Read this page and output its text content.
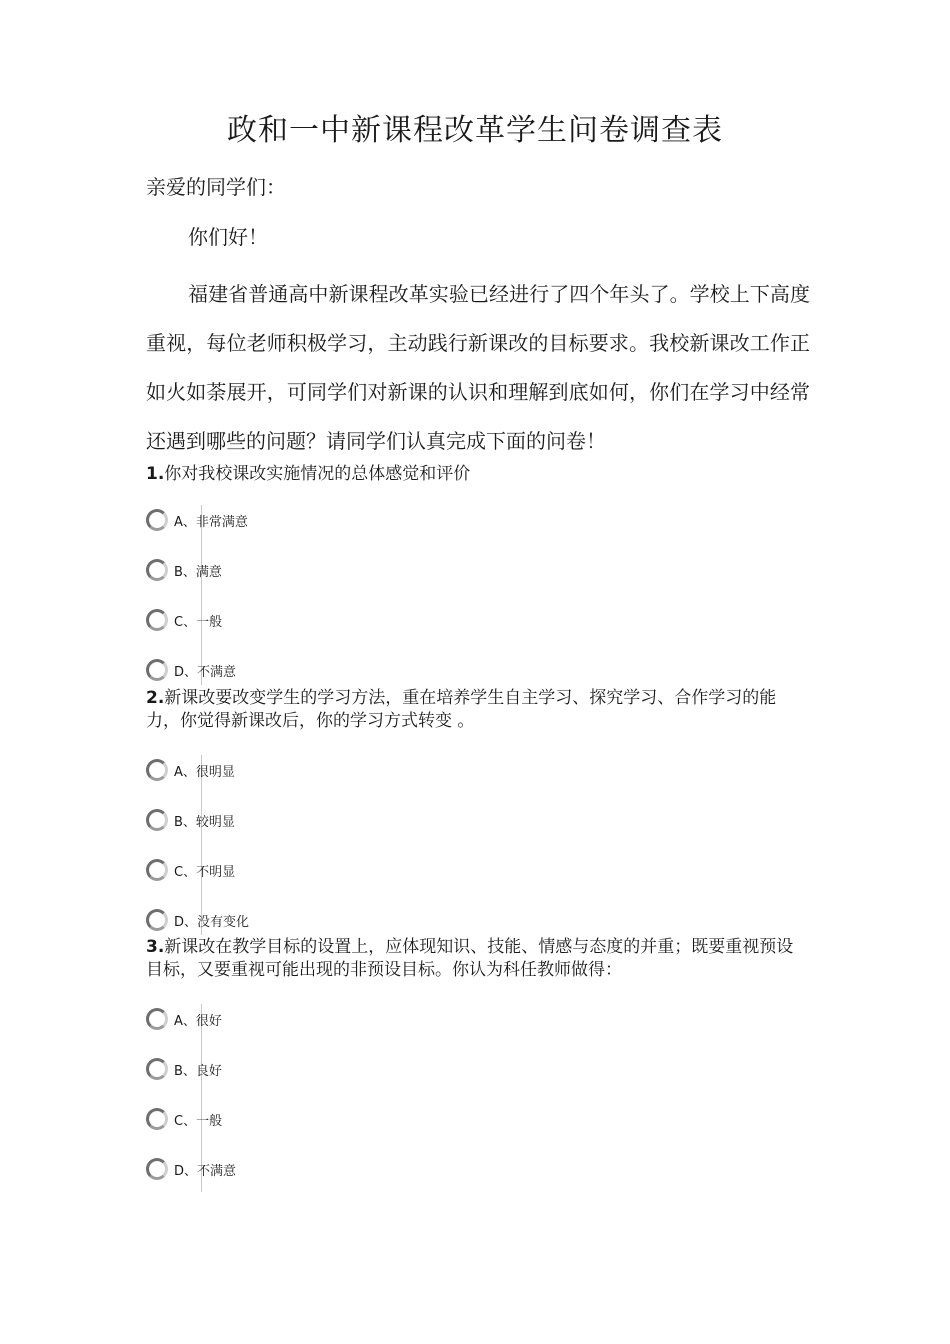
政和一中新课程改革学生问卷调查表
亲爱的同学们：
你们好！

福建省普通高中新课程改革实验已经进行了四个年头了。学校上下高度重视，每位老师积极学习，主动践行新课改的目标要求。我校新课改工作正如火如荼展开，可同学们对新课的认识和理解到底如何，你们在学习中经常还遇到哪些的问题？请同学们认真完成下面的问卷！

1.你对我校课改实施情况的总体感觉和评价

A、 非常满意
B、 满意
C、 一般
D、 不满意

2.新课改要改变学生的学习方法，重在培养学生自主学习、探究学习、合作学习的能力，你觉得新课改后，你的学习方式转变 。

A、 很明显
B、 较明显
C、 不明显
D、 没有变化

3.新课改在教学目标的设置上，应体现知识、技能、情感与态度的并重；既要重视预设目标，又要重视可能出现的非预设目标。你认为科任教师做得：

A、 很好
B、 良好
C、 一般
D、 不满意
